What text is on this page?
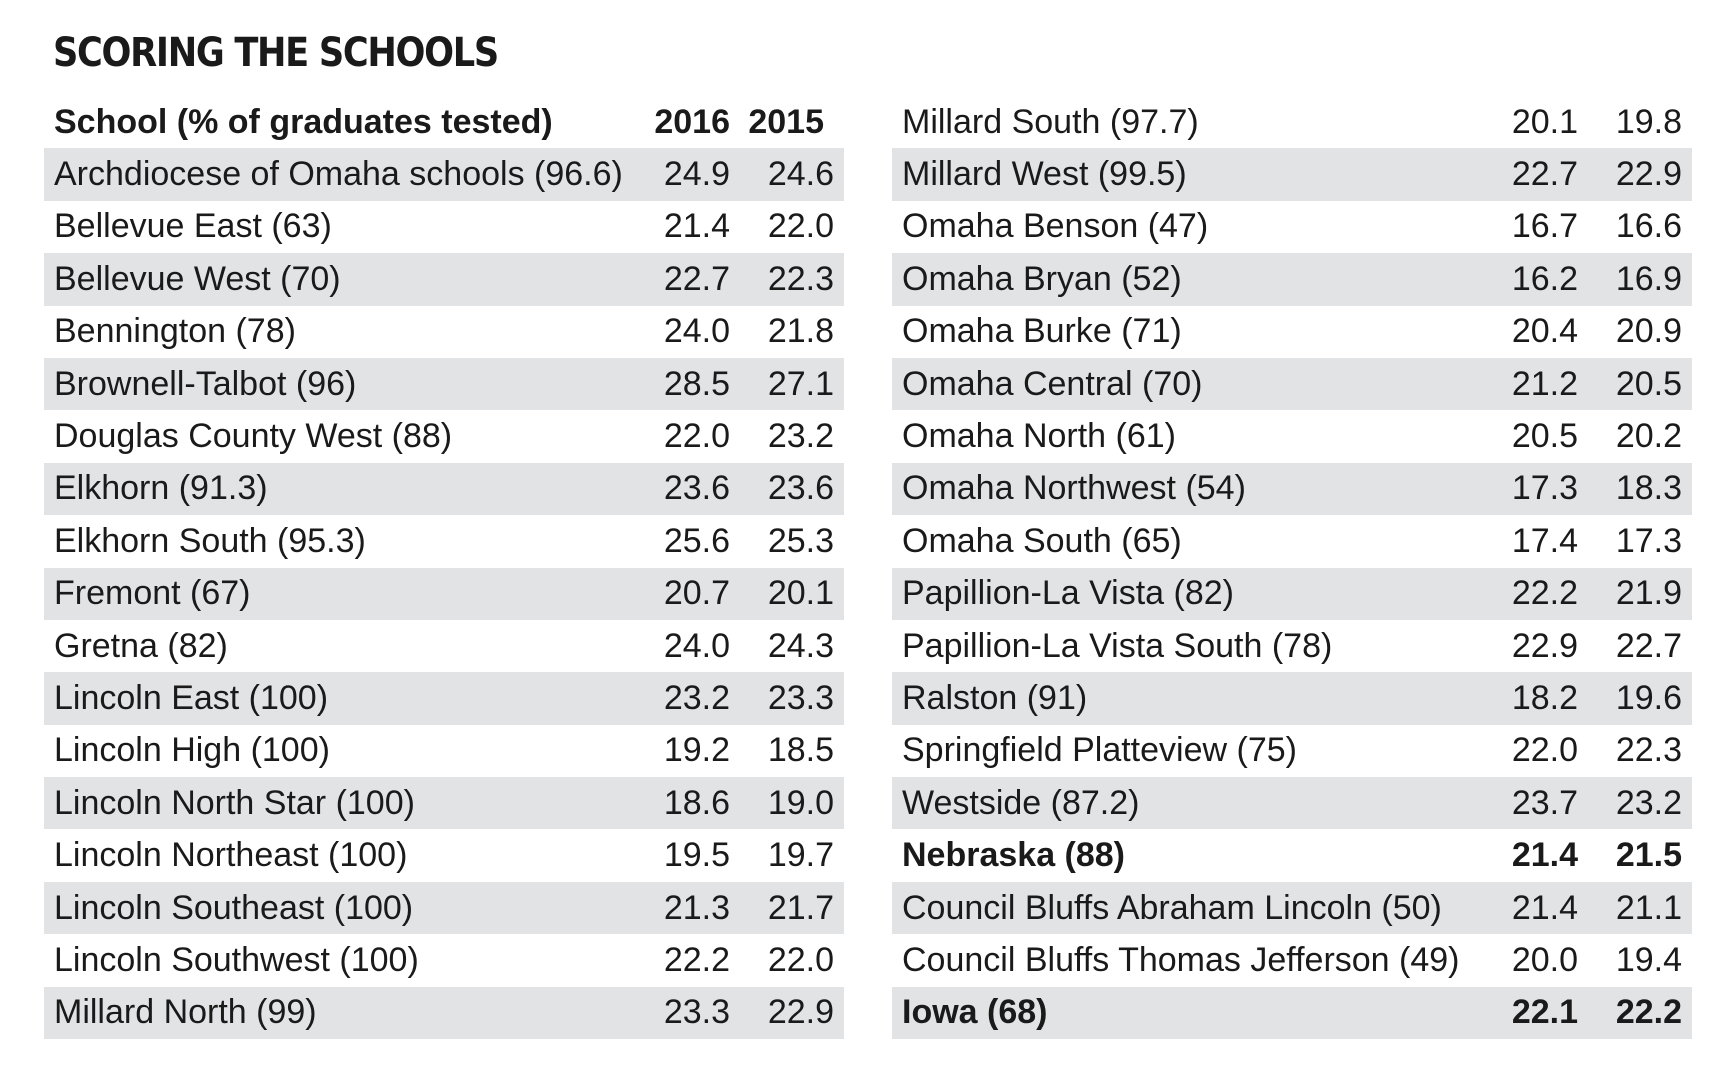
SCORING THE SCHOOLS
School (% of graduates tested)	2016 2015
Archdiocese of Omaha schools (96.6)	24.9	24.6
Bellevue East (63)	21.4	22.0
Bellevue West (70)	22.7	22.3
Bennington (78)	24.0	21.8
Brownell-Talbot (96)	28.5	27.1
Douglas County West (88)	22.0	23.2
Elkhorn (91.3)	23.6	23.6
Elkhorn South (95.3)	25.6	25.3
Fremont (67)	20.7	20.1
Gretna (82)	24.0	24.3
Lincoln East (100)	23.2	23.3
Lincoln High (100)	19.2	18.5
Lincoln North Star (100)	18.6	19.0
Lincoln Northeast (100)	19.5	19.7
Lincoln Southeast (100)	21.3	21.7
Lincoln Southwest (100)	22.2	22.0
Millard North (99)	23.3	22.9
Millard South (97.7)	20.1	19.8
Millard West (99.5)	22.7	22.9
Omaha Benson (47)	16.7	16.6
Omaha Bryan (52)	16.2	16.9
Omaha Burke (71)	20.4	20.9
Omaha Central (70)	21.2	20.5
Omaha North (61)	20.5	20.2
Omaha Northwest (54)	17.3	18.3
Omaha South (65)	17.4	17.3
Papillion-La Vista (82)	22.2	21.9
Papillion-La Vista South (78)	22.9	22.7
Ralston (91)	18.2	19.6
Springfield Platteview (75)	22.0	22.3
Westside (87.2)	23.7	23.2
Nebraska (88)	21.4	21.5
Council Bluffs Abraham Lincoln (50)	21.4	21.1
Council Bluffs Thomas Jefferson (49)	20.0	19.4
Iowa (68)	22.1	22.2
